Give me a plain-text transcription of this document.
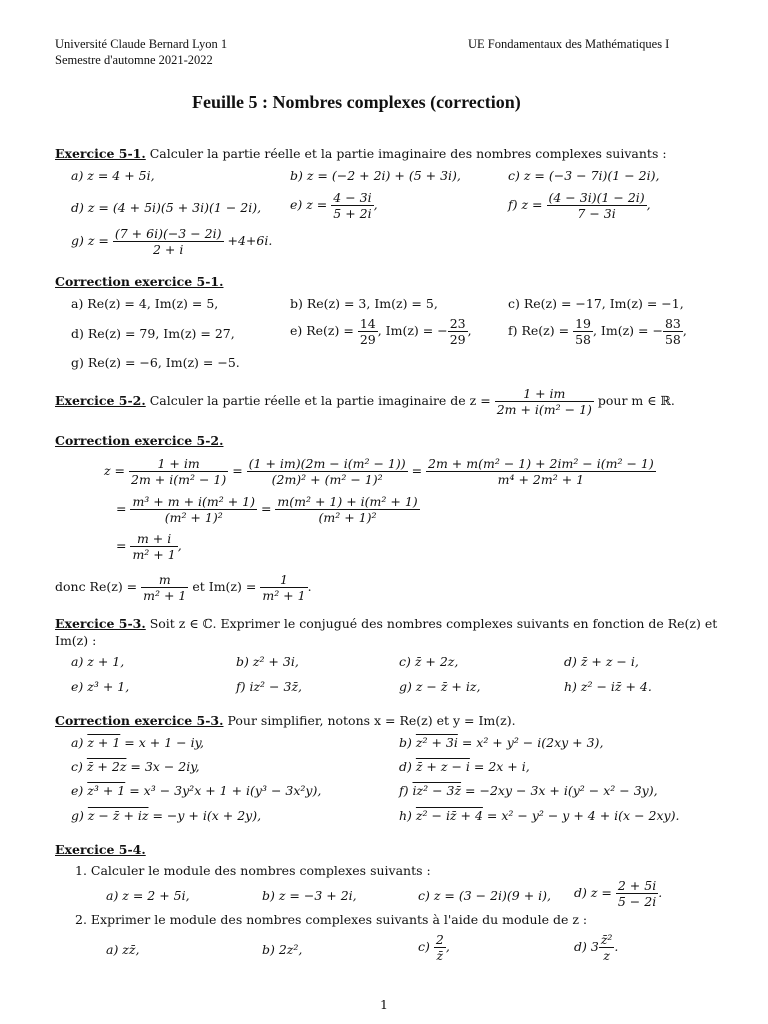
Université Claude Bernard Lyon 1
Semestre d'automne 2021-2022
UE Fondamentaux des Mathématiques I
Feuille 5 : Nombres complexes (correction)
Exercice 5-1. Calculer la partie réelle et la partie imaginaire des nombres complexes suivants :
a) z = 4 + 5i,	b) z = (−2 + 2i) + (5 + 3i),	c) z = (−3 − 7i)(1 − 2i),
d) z = (4 + 5i)(5 + 3i)(1 − 2i), e) $z = \frac{4 - 3i}{5 + 2i}$ ,	f) $z = \frac{(4 - 3i)(1 - 2i)}{7 - 3i}$ ,
g) $z = \frac{(7 + 6i)(-3 - 2i)}{2 + i} +4+6i$.
Correction exercice 5-1.
a) Re(z) = 4, Im(z) = 5,	b) Re(z) = 3, Im(z) = 5,	c) Re(z) = −17, Im(z) = −1,
d) Re(z) = 79, Im(z) = 27,	e) $Re(z) = \frac{14}{29}$ , Im(z) = − $\frac{23}{29}$ ,	f) $Re(z) = \frac{19}{58}$ , Im(z) = − $\frac{83}{58}$ ,
g) Re(z) = −6, Im(z) = −5.
Exercice 5-2. Calculer la partie réelle et la partie imaginaire de $z = \frac{1 + im}{\text{2m + i(m² − 1)}}$ pour m ∈ ℝ.
Correction exercice 5-2.
$z = \frac{1 + im}{\text{2m + i(m² − 1)}} = \frac{\text{(1 + im)(2m − i(m² − 1))}}{\text{(2m)² + (m² − 1)²}} = \frac{\text{2m + m(m² − 1) + 2im² − i(m² − 1)}}{\text{m⁴ + 2m² + 1}}$
= $\frac{\text{m³ + m + i(m² + 1)}}{\text{(m² + 1)²}} = \frac{\text{m(m² + 1) + i(m² + 1)}}{\text{(m² + 1)²}}$
= $\frac{m + i}{\text{m² + 1}}$ ,
donc $Re(z) = \frac{m}{\text{m² + 1}}$ et $Im(z) = \frac{1}{\text{m² + 1}}$ .
Exercice 5-3. Soit z ∈ ℂ. Exprimer le conjugué des nombres complexes suivants en fonction de Re(z) et
Im(z) :
a) z + 1,	b) z² + 3i,	c) z̄ + 2z,	d) z̄ + z − i,
e) z³ + 1,	f) iz² − 3z̄,	g) z − z̄ + iz,	h) z² − iz̄ + 4.
Correction exercice 5-3. Pour simplifier, notons x = Re(z) et y = Im(z).
a) z + 1 = x + 1 − iy,	b) z² + 3i = x² + y² − i(2xy + 3),
c) z̄ + 2z = 3x − 2iy,	d) z̄ + z − i = 2x + i,
e) z³ + 1 = x³ − 3y²x + 1 + i(y³ − 3x²y),	f) iz² − 3z̄ = −2xy − 3x + i(y² − x² − 3y),
g) z − z̄ + iz = −y + i(x + 2y),	h) z² − iz̄ + 4 = x² − y² − y + 4 + i(x − 2xy).
Exercice 5-4.
1. Calculer le module des nombres complexes suivants :
a) z = 2 + 5i,	b) z = −3 + 2i,	c) z = (3 − 2i)(9 + i), d) $z = \frac{2 + 5i}{5 - 2i}$ .
2. Exprimer le module des nombres complexes suivants à l'aide du module de z :
a) zz̄,	b) 2z²,	$c) \frac{2}{z̄}$ ,	d) $3 \frac{\text{z̄²}}{z}$ .
1
